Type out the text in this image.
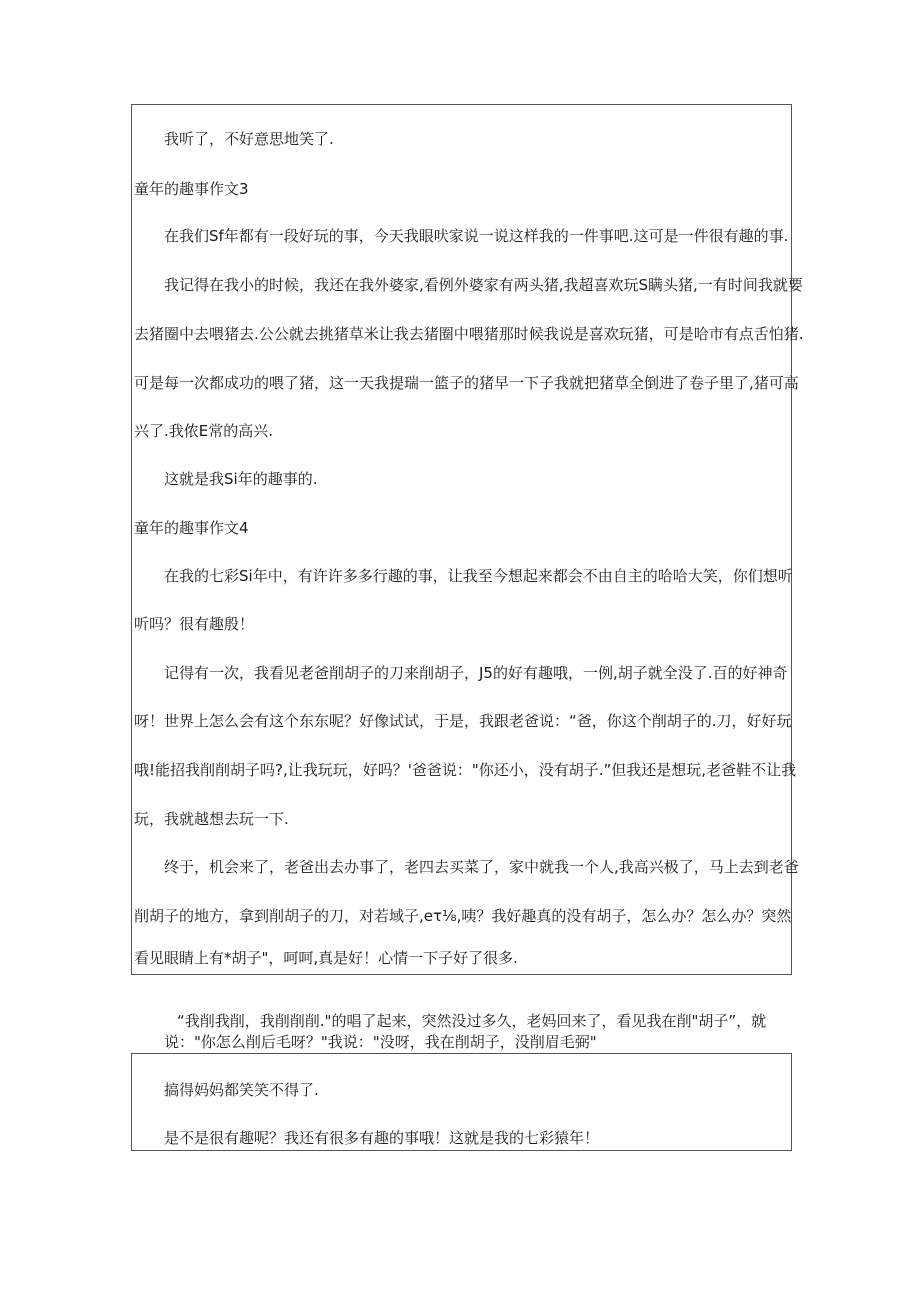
我听了，不好意思地笑了.
童年的趣事作文3
在我们Sf年都有一段好玩的事，今天我眼吠家说一说这样我的一件事吧.这可是一件很有趣的事.
我记得在我小的时候，我还在我外婆家,看例外婆家有两头猪,我超喜欢玩S瞒头猪,一有时间我就要
去猪圈中去喂猪去.公公就去挑猪草米让我去猪圈中喂猪那时候我说是喜欢玩猪，可是哈市有点舌怕猪.
可是每一次都成功的喂了猪，这一天我提瑞一篮子的猪早一下子我就把猪草全倒进了卷子里了,猪可高
兴了.我侬E常的高兴.
这就是我Si年的趣事的.
童年的趣事作文4
在我的七彩Si年中，有许许多多行趣的事，让我至今想起来都会不由自主的哈哈大笑，你们想听
听吗？很有趣殷！
记得有一次，我看见老爸削胡子的刀来削胡子，J5的好有趣哦，一例,胡子就全没了.百的好神奇
呀！世界上怎么会有这个东东呢？好像试试，于是，我跟老爸说：“爸，你这个削胡子的.刀，好好玩
哦!能招我削削胡子吗?,让我玩玩，好吗？'爸爸说："你还小，没有胡子.”但我还是想玩,老爸鞋不让我
玩，我就越想去玩一下.
终于，机会来了，老爸出去办事了，老四去买菜了，家中就我一个人,我高兴极了，马上去到老爸
削胡子的地方，拿到削胡子的刀，对若域子,eτ⅛,咦？我好趣真的没有胡子，怎么办？怎么办？突然
看见眼睛上有*胡子"，呵呵,真是好！心情一下子好了很多.
“我削我削，我削削削."的唱了起来，突然没过多久，老妈回来了，看见我在削"胡子”，就
说："你怎么削后毛呀？"我说："没呀，我在削胡子，没削眉毛弼"
搞得妈妈都笑笑不得了.
是不是很有趣呢？我还有很多有趣的事哦！这就是我的七彩猿年！
